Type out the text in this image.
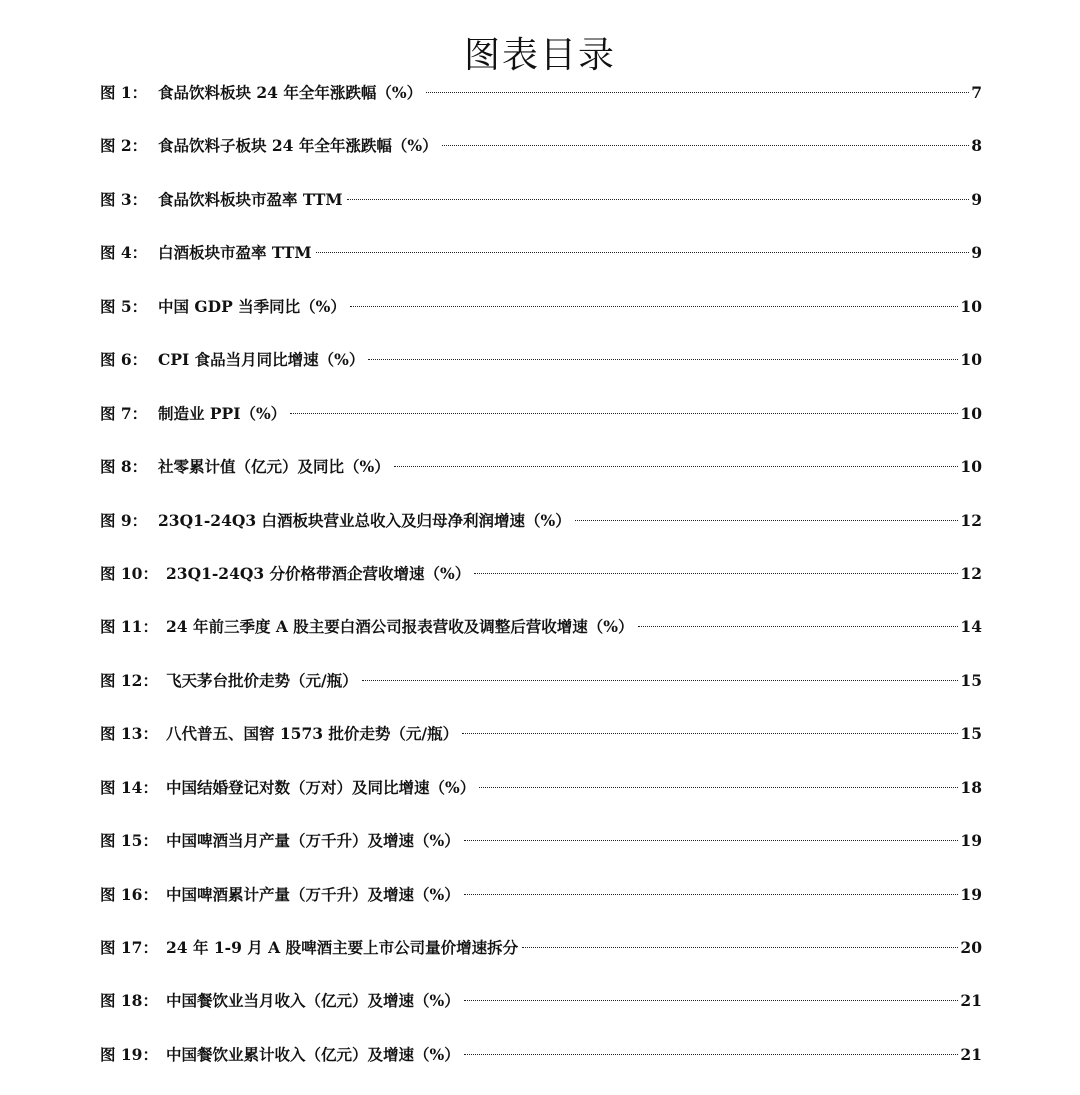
图表目录
图 1： 食品饮料板块 24 年全年涨跌幅（%）	7
图 2： 食品饮料子板块 24 年全年涨跌幅（%）	8
图 3： 食品饮料板块市盈率 TTM	9
图 4： 白酒板块市盈率 TTM	9
图 5： 中国 GDP 当季同比（%）	10
图 6： CPI 食品当月同比增速（%）	10
图 7： 制造业 PPI（%）	10
图 8： 社零累计值（亿元）及同比（%）	10
图 9： 23Q1-24Q3 白酒板块营业总收入及归母净利润增速（%）	12
图 10： 23Q1-24Q3 分价格带酒企营收增速（%）	12
图 11： 24 年前三季度 A 股主要白酒公司报表营收及调整后营收增速（%）	14
图 12： 飞天茅台批价走势（元/瓶）	15
图 13： 八代普五、国窖 1573 批价走势（元/瓶）	15
图 14： 中国结婚登记对数（万对）及同比增速（%）	18
图 15： 中国啤酒当月产量（万千升）及增速（%）	19
图 16： 中国啤酒累计产量（万千升）及增速（%）	19
图 17： 24 年 1-9 月 A 股啤酒主要上市公司量价增速拆分	20
图 18： 中国餐饮业当月收入（亿元）及增速（%）	21
图 19： 中国餐饮业累计收入（亿元）及增速（%）	21
